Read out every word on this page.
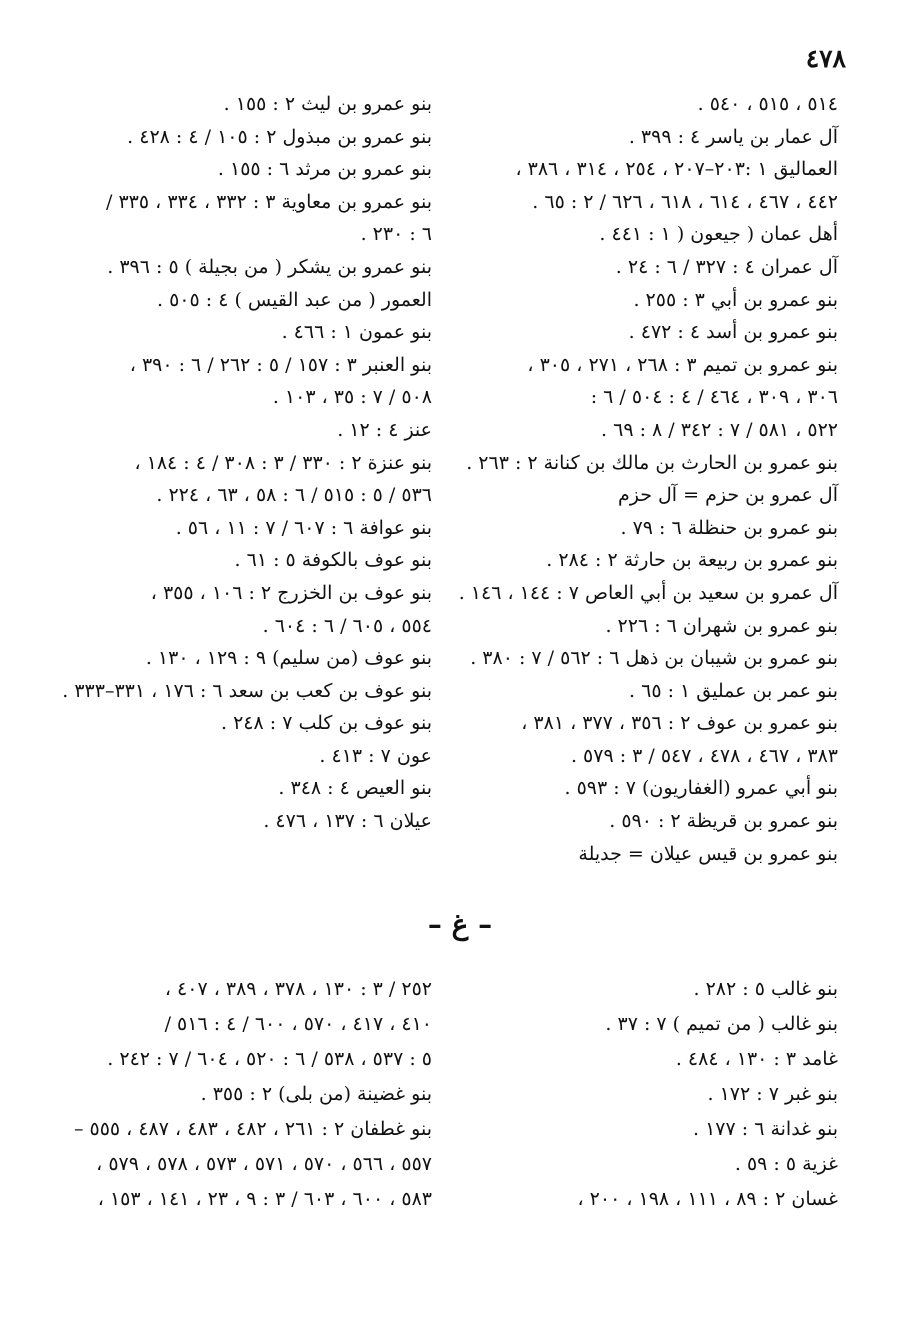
٤٧٨
٥١٤ ، ٥١٥ ، ٥٤٠ .
آل عمار بن ياسر ٤ : ٣٩٩ .
العماليق ١ :٢٠٣–٢٠٧ ، ٢٥٤ ، ٣١٤ ، ٣٨٦ ،
٤٤٢ ، ٤٦٧ ، ٦١٤ ، ٦١٨ ، ٦٢٦ / ٢ : ٦٥ .
أهل عمان ( جيعون ( ١ : ٤٤١ .
آل عمران ٤ : ٣٢٧ / ٦ : ٢٤ .
بنو عمرو بن أبي ٣ : ٢٥٥ .
بنو عمرو بن أسد ٤ : ٤٧٢ .
بنو عمرو بن تميم ٣ : ٢٦٨ ، ٢٧١ ، ٣٠٥ ،
٣٠٦ ، ٣٠٩ ، ٤٦٤ / ٤ : ٥٠٤ / ٦ :
٥٢٢ ، ٥٨١ / ٧ : ٣٤٢ / ٨ : ٦٩ .
بنو عمرو بن الحارث بن مالك بن كنانة ٢ : ٢٦٣ .
آل عمرو بن حزم = آل حزم
بنو عمرو بن حنظلة ٦ : ٧٩ .
بنو عمرو بن ربيعة بن حارثة ٢ : ٢٨٤ .
آل عمرو بن سعيد بن أبي العاص ٧ : ١٤٤ ، ١٤٦ .
بنو عمرو بن شهران ٦ : ٢٢٦ .
بنو عمرو بن شيبان بن ذهل ٦ : ٥٦٢ / ٧ : ٣٨٠ .
بنو عمر بن عمليق ١ : ٦٥ .
بنو عمرو بن عوف ٢ : ٣٥٦ ، ٣٧٧ ، ٣٨١ ،
٣٨٣ ، ٤٦٧ ، ٤٧٨ ، ٥٤٧ / ٣ : ٥٧٩ .
بنو أبي عمرو (الغفاريون) ٧ : ٥٩٣ .
بنو عمرو بن قريظة ٢ : ٥٩٠ .
بنو عمرو بن قيس عيلان = جديلة
بنو عمرو بن ليث ٢ : ١٥٥ .
بنو عمرو بن مبذول ٢ : ١٠٥ / ٤ : ٤٢٨ .
بنو عمرو بن مرثد ٦ : ١٥٥ .
بنو عمرو بن معاوية ٣ : ٣٣٢ ، ٣٣٤ ، ٣٣٥ /
٦ : ٢٣٠ .
بنو عمرو بن يشكر ( من بجيلة ) ٥ : ٣٩٦ .
العمور ( من عبد القيس ) ٤ : ٥٠٥ .
بنو عمون ١ : ٤٦٦ .
بنو العنبر ٣ : ١٥٧ / ٥ : ٢٦٢ / ٦ : ٣٩٠ ،
٥٠٨ / ٧ : ٣٥ ، ١٠٣ .
عنز ٤ : ١٢ .
بنو عنزة ٢ : ٣٣٠ / ٣ : ٣٠٨ / ٤ : ١٨٤ ،
٥٣٦ / ٥ : ٥١٥ / ٦ : ٥٨ ، ٦٣ ، ٢٢٤ .
بنو عوافة ٦ : ٦٠٧ / ٧ : ١١ ، ٥٦ .
بنو عوف بالكوفة ٥ : ٦١ .
بنو عوف بن الخزرج ٢ : ١٠٦ ، ٣٥٥ ،
٥٥٤ ، ٦٠٥ / ٦ : ٦٠٤ .
بنو عوف (من سليم) ٩ : ١٢٩ ، ١٣٠ .
بنو عوف بن كعب بن سعد ٦ : ١٧٦ ، ٣٣١–٣٣٣ .
بنو عوف بن كلب ٧ : ٢٤٨ .
عون ٧ : ٤١٣ .
بنو العيص ٤ : ٣٤٨ .
عيلان ٦ : ١٣٧ ، ٤٧٦ .
– غ –
بنو غالب ٥ : ٢٨٢ .
بنو غالب ( من تميم ) ٧ : ٣٧ .
غامد ٣ : ١٣٠ ، ٤٨٤ .
بنو غبر ٧ : ١٧٢ .
بنو غدانة ٦ : ١٧٧ .
غزية ٥ : ٥٩ .
غسان ٢ : ٨٩ ، ١١١ ، ١٩٨ ، ٢٠٠ ،
٢٥٢ / ٣ : ١٣٠ ، ٣٧٨ ، ٣٨٩ ، ٤٠٧ ،
٤١٠ ، ٤١٧ ، ٥٧٠ ، ٦٠٠ / ٤ : ٥١٦ /
٥ : ٥٣٧ ، ٥٣٨ / ٦ : ٥٢٠ ، ٦٠٤ / ٧ : ٢٤٢ .
بنو غضينة (من بلى) ٢ : ٣٥٥ .
بنو غطفان ٢ : ٢٦١ ، ٤٨٢ ، ٤٨٣ ، ٤٨٧ ، ٥٥٥ –
٥٥٧ ، ٥٦٦ ، ٥٧٠ ، ٥٧١ ، ٥٧٣ ، ٥٧٨ ، ٥٧٩ ،
٥٨٣ ، ٦٠٠ ، ٦٠٣ / ٣ : ٩ ، ٢٣ ، ١٤١ ، ١٥٣ ،
